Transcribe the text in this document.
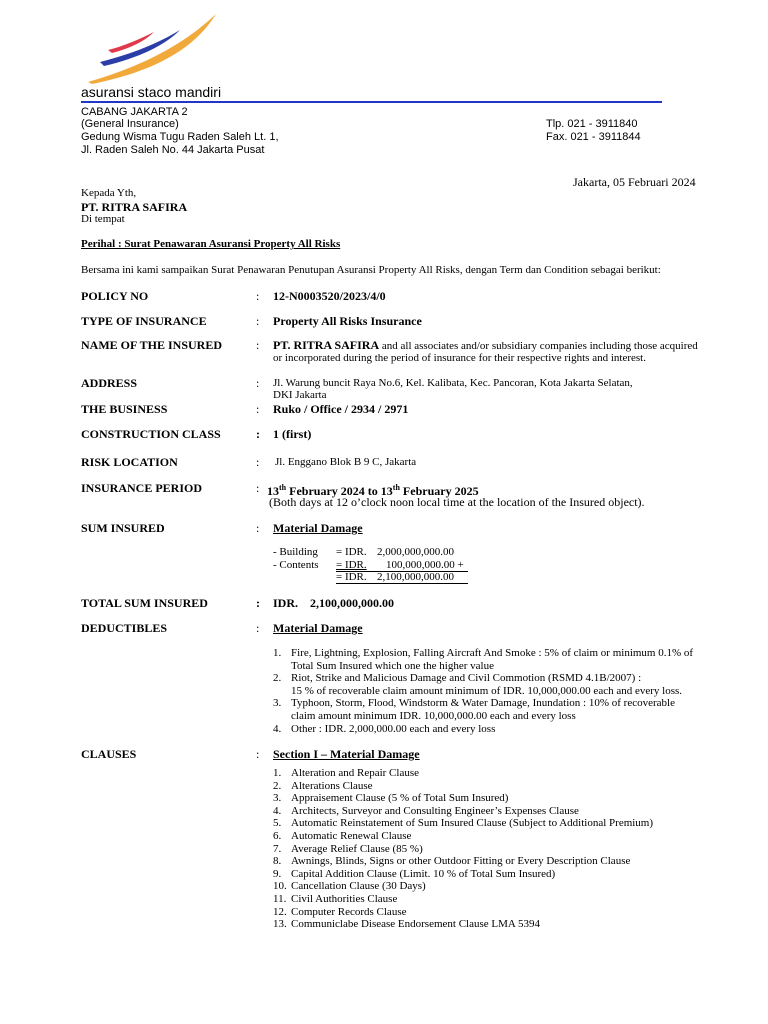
asuransi staco mandiri
CABANG JAKARTA 2
(General Insurance)
Gedung Wisma Tugu Raden Saleh Lt. 1,
Jl. Raden Saleh No. 44 Jakarta Pusat
Tlp. 021 - 3911840
Fax. 021 - 3911844
Jakarta, 05 Februari 2024
Kepada Yth,
PT. RITRA SAFIRA
Di tempat
Perihal : Surat Penawaran Asuransi Property All Risks
Bersama ini kami sampaikan Surat Penawaran Penutupan Asuransi Property All Risks, dengan Term dan Condition sebagai berikut:
POLICY NO	: 12-N0003520/2023/4/0
TYPE OF INSURANCE	: Property All Risks Insurance
NAME OF THE INSURED	: PT. RITRA SAFIRA and all associates and/or subsidiary companies including those acquired
or incorporated during the period of insurance for their respective rights and interest.
ADDRESS	: Jl. Warung buncit Raya No.6, Kel. Kalibata, Kec. Pancoran, Kota Jakarta Selatan,
DKI Jakarta
THE BUSINESS	: Ruko / Office / 2934 / 2971
CONSTRUCTION CLASS	: 1 (first)
RISK LOCATION	: Jl. Enggano Blok B 9 C, Jakarta
INSURANCE PERIOD	: 13th February 2024 to 13th February 2025
(Both days at 12 o’clock noon local time at the location of the Insured object).
SUM INSURED	: Material Damage
- Building = IDR. 2,000,000,000.00
- Contents = IDR. 100,000,000.00 +
= IDR. 2,100,000,000.00
TOTAL SUM INSURED	: IDR.    2,100,000,000.00
DEDUCTIBLES	: Material Damage
1. Fire, Lightning, Explosion, Falling Aircraft And Smoke : 5% of claim or minimum 0.1% of
Total Sum Insured which one the higher value
2. Riot, Strike and Malicious Damage and Civil Commotion (RSMD 4.1B/2007) :
15 % of recoverable claim amount minimum of IDR. 10,000,000.00 each and every loss.
3. Typhoon, Storm, Flood, Windstorm & Water Damage, Inundation : 10% of recoverable
claim amount minimum IDR. 10,000,000.00 each and every loss
4. Other : IDR. 2,000,000.00 each and every loss
CLAUSES	: Section I – Material Damage
1. Alteration and Repair Clause
2. Alterations Clause
3. Appraisement Clause (5 % of Total Sum Insured)
4. Architects, Surveyor and Consulting Engineer’s Expenses Clause
5. Automatic Reinstatement of Sum Insured Clause (Subject to Additional Premium)
6. Automatic Renewal Clause
7. Average Relief Clause (85 %)
8. Awnings, Blinds, Signs or other Outdoor Fitting or Every Description Clause
9. Capital Addition Clause (Limit. 10 % of Total Sum Insured)
10. Cancellation Clause (30 Days)
11. Civil Authorities Clause
12. Computer Records Clause
13. Communiclabe Disease Endorsement Clause LMA 5394
